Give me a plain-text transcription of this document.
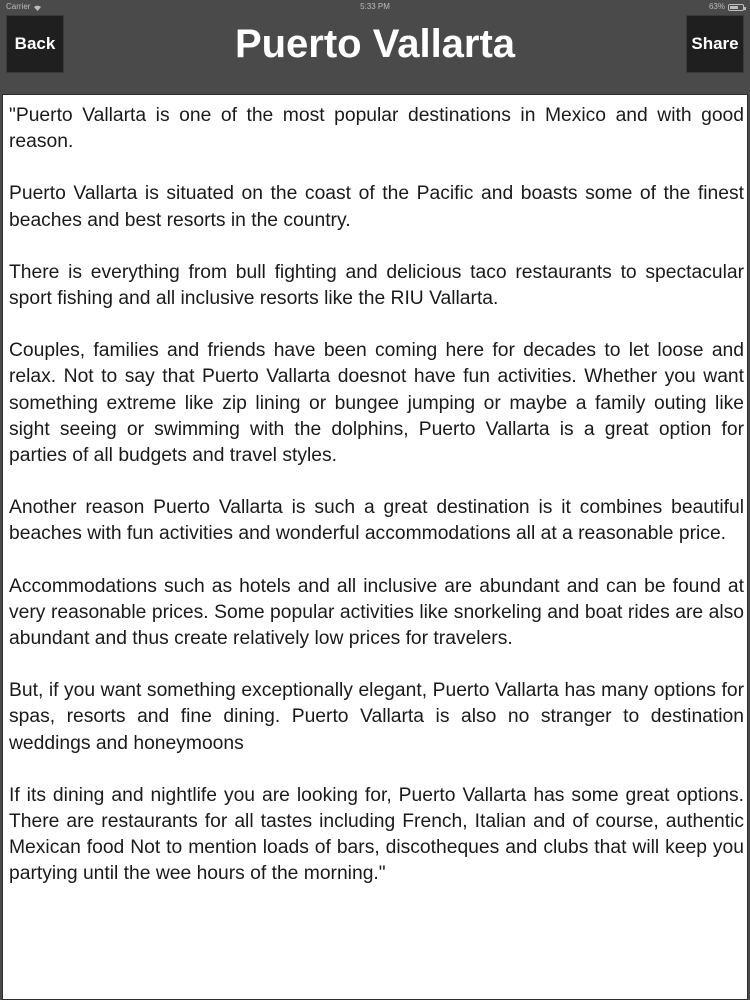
Carrier	5:33 PM	63%
Back	Puerto Vallarta	Share

"Puerto Vallarta is one of the most popular destinations in Mexico and with good reason.

Puerto Vallarta is situated on the coast of the Pacific and boasts some of the finest beaches and best resorts in the country.

There is everything from bull fighting and delicious taco restaurants to spectacular sport fishing and all inclusive resorts like the RIU Vallarta.

Couples, families and friends have been coming here for decades to let loose and relax. Not to say that Puerto Vallarta doesnot have fun activities. Whether you want something extreme like zip lining or bungee jumping or maybe a family outing like sight seeing or swimming with the dolphins, Puerto Vallarta is a great option for parties of all budgets and travel styles.

Another reason Puerto Vallarta is such a great destination is it combines beautiful beaches with fun activities and wonderful accommodations all at a reasonable price.

Accommodations such as hotels and all inclusive are abundant and can be found at very reasonable prices. Some popular activities like snorkeling and boat rides are also abundant and thus create relatively low prices for travelers.

But, if you want something exceptionally elegant, Puerto Vallarta has many options for spas, resorts and fine dining. Puerto Vallarta is also no stranger to destination weddings and honeymoons

If its dining and nightlife you are looking for, Puerto Vallarta has some great options. There are restaurants for all tastes including French, Italian and of course, authentic Mexican food Not to mention loads of bars, discotheques and clubs that will keep you partying until the wee hours of the morning."
